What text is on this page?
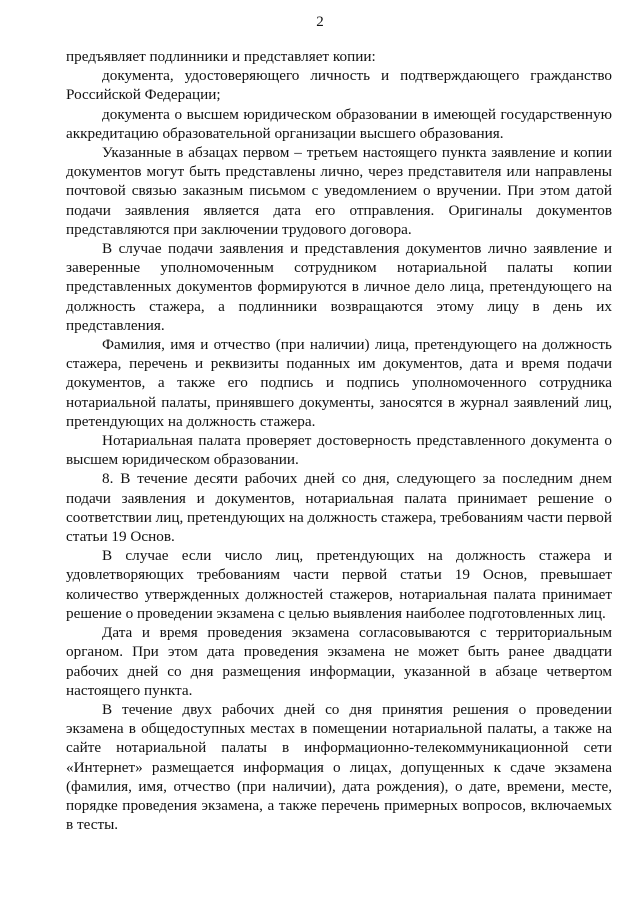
2

предъявляет подлинники и представляет копии:

документа, удостоверяющего личность и подтверждающего гражданство Российской Федерации;

документа о высшем юридическом образовании в имеющей государственную аккредитацию образовательной организации высшего образования.

Указанные в абзацах первом – третьем настоящего пункта заявление и копии документов могут быть представлены лично, через представителя или направлены почтовой связью заказным письмом с уведомлением о вручении. При этом датой подачи заявления является дата его отправления. Оригиналы документов представляются при заключении трудового договора.

В случае подачи заявления и представления документов лично заявление и заверенные уполномоченным сотрудником нотариальной палаты копии представленных документов формируются в личное дело лица, претендующего на должность стажера, а подлинники возвращаются этому лицу в день их представления.

Фамилия, имя и отчество (при наличии) лица, претендующего на должность стажера, перечень и реквизиты поданных им документов, дата и время подачи документов, а также его подпись и подпись уполномоченного сотрудника нотариальной палаты, принявшего документы, заносятся в журнал заявлений лиц, претендующих на должность стажера.

Нотариальная палата проверяет достоверность представленного документа о высшем юридическом образовании.

8. В течение десяти рабочих дней со дня, следующего за последним днем подачи заявления и документов, нотариальная палата принимает решение о соответствии лиц, претендующих на должность стажера, требованиям части первой статьи 19 Основ.

В случае если число лиц, претендующих на должность стажера и удовлетворяющих требованиям части первой статьи 19 Основ, превышает количество утвержденных должностей стажеров, нотариальная палата принимает решение о проведении экзамена с целью выявления наиболее подготовленных лиц.

Дата и время проведения экзамена согласовываются с территориальным органом. При этом дата проведения экзамена не может быть ранее двадцати рабочих дней со дня размещения информации, указанной в абзаце четвертом настоящего пункта.

В течение двух рабочих дней со дня принятия решения о проведении экзамена в общедоступных местах в помещении нотариальной палаты, а также на сайте нотариальной палаты в информационно-телекоммуникационной сети «Интернет» размещается информация о лицах, допущенных к сдаче экзамена (фамилия, имя, отчество (при наличии), дата рождения), о дате, времени, месте, порядке проведения экзамена, а также перечень примерных вопросов, включаемых в тесты.
